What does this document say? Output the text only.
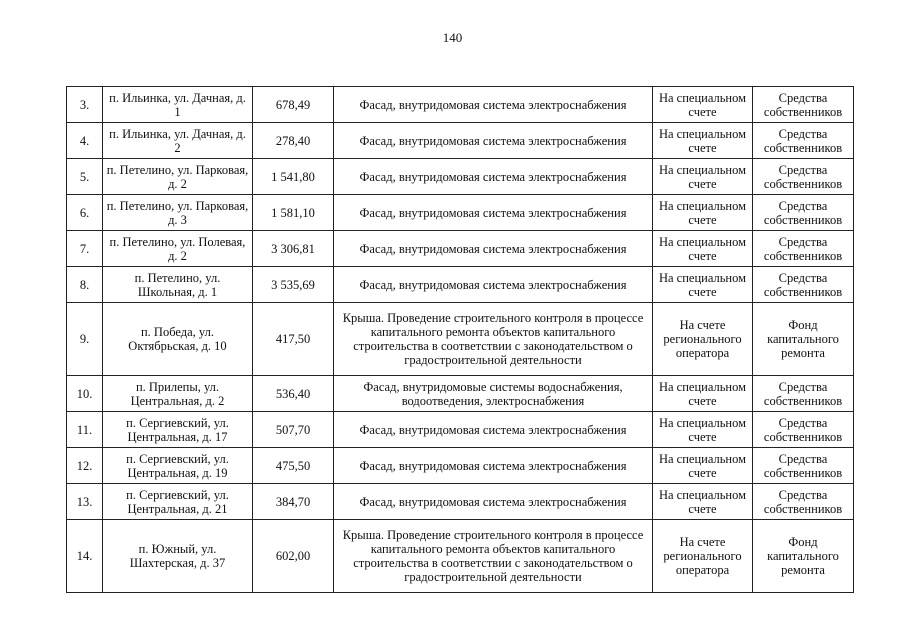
140
3.	п. Ильинка, ул. Дачная, д. 1	678,49	Фасад, внутридомовая система электроснабжения	На специальном счете	Средства собственников
4.	п. Ильинка, ул. Дачная, д. 2	278,40	Фасад, внутридомовая система электроснабжения	На специальном счете	Средства собственников
5.	п. Петелино, ул. Парковая, д. 2	1 541,80	Фасад, внутридомовая система электроснабжения	На специальном счете	Средства собственников
6.	п. Петелино, ул. Парковая, д. 3	1 581,10	Фасад, внутридомовая система электроснабжения	На специальном счете	Средства собственников
7.	п. Петелино, ул. Полевая, д. 2	3 306,81	Фасад, внутридомовая система электроснабжения	На специальном счете	Средства собственников
8.	п. Петелино, ул. Школьная, д. 1	3 535,69	Фасад, внутридомовая система электроснабжения	На специальном счете	Средства собственников
9.	п. Победа, ул. Октябрьская, д. 10	417,50	Крыша. Проведение строительного контроля в процессе капитального ремонта объектов капитального строительства в соответствии с законодательством о градостроительной деятельности	На счете регионального оператора	Фонд капитального ремонта
10.	п. Прилепы, ул. Центральная, д. 2	536,40	Фасад, внутридомовые системы водоснабжения, водоотведения, электроснабжения	На специальном счете	Средства собственников
11.	п. Сергиевский, ул. Центральная, д. 17	507,70	Фасад, внутридомовая система электроснабжения	На специальном счете	Средства собственников
12.	п. Сергиевский, ул. Центральная, д. 19	475,50	Фасад, внутридомовая система электроснабжения	На специальном счете	Средства собственников
13.	п. Сергиевский, ул. Центральная, д. 21	384,70	Фасад, внутридомовая система электроснабжения	На специальном счете	Средства собственников
14.	п. Южный, ул. Шахтерская, д. 37	602,00	Крыша. Проведение строительного контроля в процессе капитального ремонта объектов капитального строительства в соответствии с законодательством о градостроительной деятельности	На счете регионального оператора	Фонд капитального ремонта
